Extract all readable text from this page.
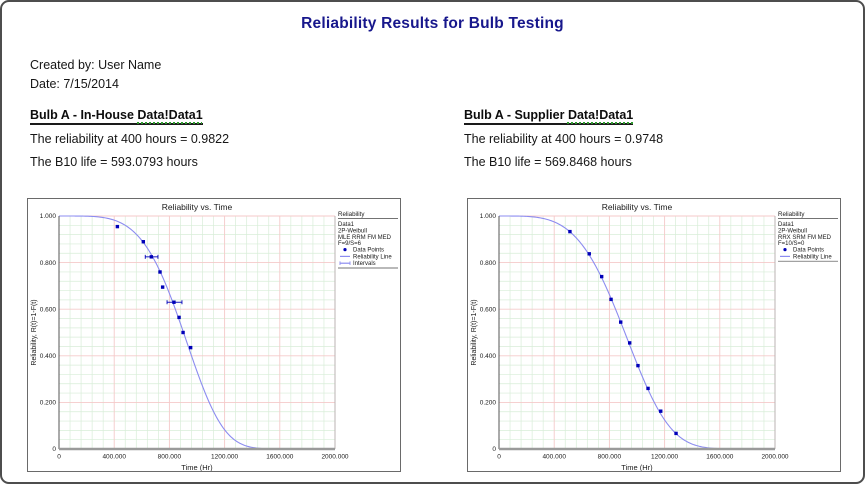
Reliability Results for Bulb Testing
Created by: User Name
Date: 7/15/2014
Bulb A - In-House Data!Data1
The reliability at 400 hours = 0.9822
The B10 life = 593.0793 hours
Bulb A - Supplier Data!Data1
The reliability at 400 hours = 0.9748
The B10 life = 569.8468 hours
Reliability vs. Time
1.000
0.800
0.600
0.400
0.200
0
0	400.000	800.000	1200.000	1600.000	2000.000
Time (Hr)
Reliability, R(t)=1-F(t)
Reliability
Data1
2P-Weibull
MLE RRM FM MED
F=9/S=6
Data Points
Reliability Line
Intervals
Reliability vs. Time
1.000
0.800
0.600
0.400
0.200
0
0	400.000	800.000	1200.000	1600.000	2000.000
Time (Hr)
Reliability, R(t)=1-F(t)
Reliability
Data1
2P-Weibull
RRX SRM FM MED
F=10/S=0
Data Points
Reliability Line
